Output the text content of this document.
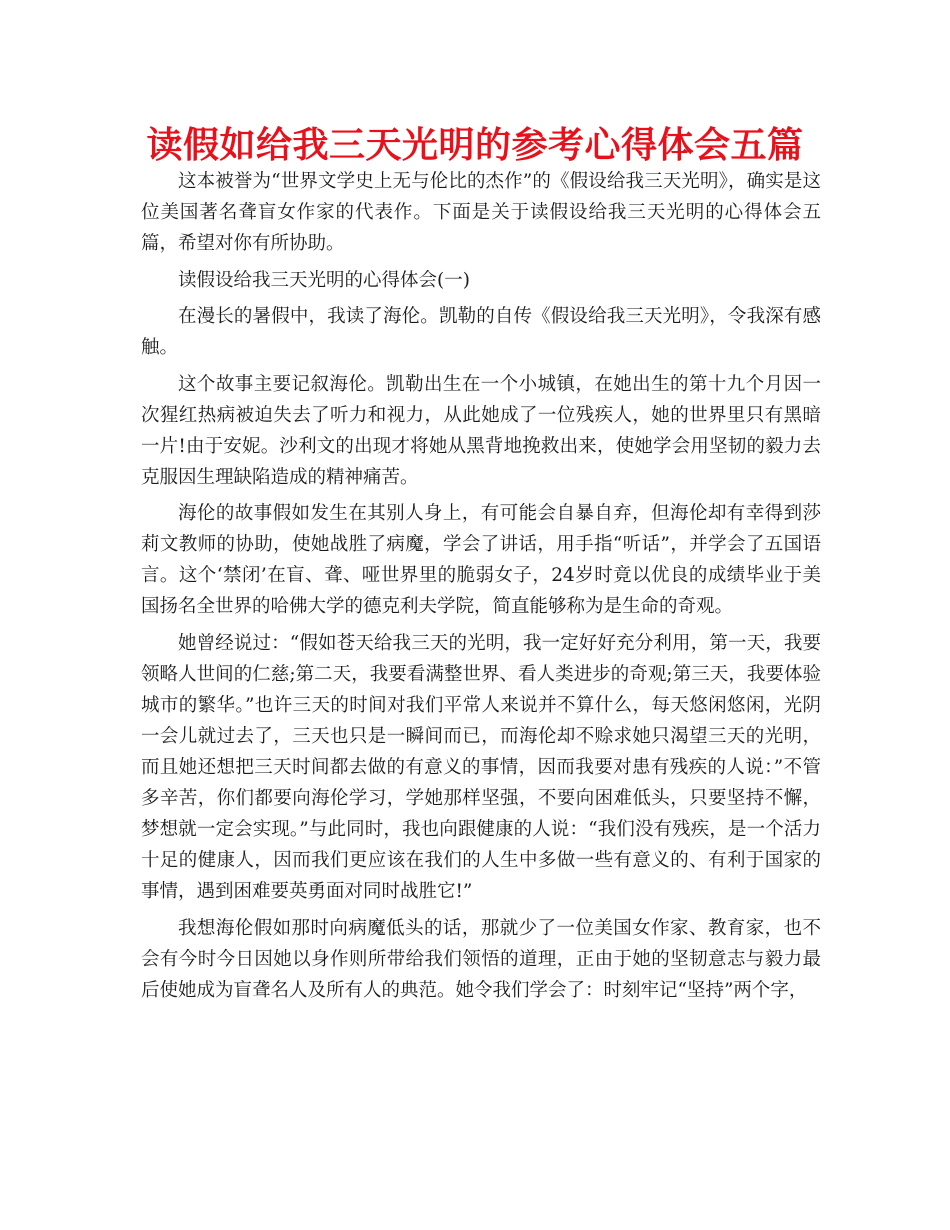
读假如给我三天光明的参考心得体会五篇

这本被誉为“世界文学史上无与伦比的杰作”的《假设给我三天光明》，确实是这位美国著名聋盲女作家的代表作。下面是关于读假设给我三天光明的心得体会五篇，希望对你有所协助。

读假设给我三天光明的心得体会(一)

在漫长的暑假中，我读了海伦。凯勒的自传《假设给我三天光明》，令我深有感触。

这个故事主要记叙海伦。凯勒出生在一个小城镇，在她出生的第十九个月因一次猩红热病被迫失去了听力和视力，从此她成了一位残疾人，她的世界里只有黑暗一片!由于安妮。沙利文的出现才将她从黑背地挽救出来，使她学会用坚韧的毅力去克服因生理缺陷造成的精神痛苦。

海伦的故事假如发生在其别人身上，有可能会自暴自弃，但海伦却有幸得到莎莉文教师的协助，使她战胜了病魔，学会了讲话，用手指“听话”，并学会了五国语言。这个‘禁闭’在盲、聋、哑世界里的脆弱女子，24岁时竟以优良的成绩毕业于美国扬名全世界的哈佛大学的德克利夫学院，简直能够称为是生命的奇观。

她曾经说过：“假如苍天给我三天的光明，我一定好好充分利用，第一天，我要领略人世间的仁慈;第二天，我要看满整世界、看人类进步的奇观;第三天，我要体验城市的繁华。”也许三天的时间对我们平常人来说并不算什么，每天悠闲悠闲，光阴一会儿就过去了，三天也只是一瞬间而已，而海伦却不赊求她只渴望三天的光明，而且她还想把三天时间都去做的有意义的事情，因而我要对患有残疾的人说：”不管多辛苦，你们都要向海伦学习，学她那样坚强，不要向困难低头，只要坚持不懈，梦想就一定会实现。”与此同时，我也向跟健康的人说：“我们没有残疾，是一个活力十足的健康人，因而我们更应该在我们的人生中多做一些有意义的、有利于国家的事情，遇到困难要英勇面对同时战胜它!”

我想海伦假如那时向病魔低头的话，那就少了一位美国女作家、教育家，也不会有今时今日因她以身作则所带给我们领悟的道理，正由于她的坚韧意志与毅力最后使她成为盲聋名人及所有人的典范。她令我们学会了：时刻牢记“坚持”两个字，
